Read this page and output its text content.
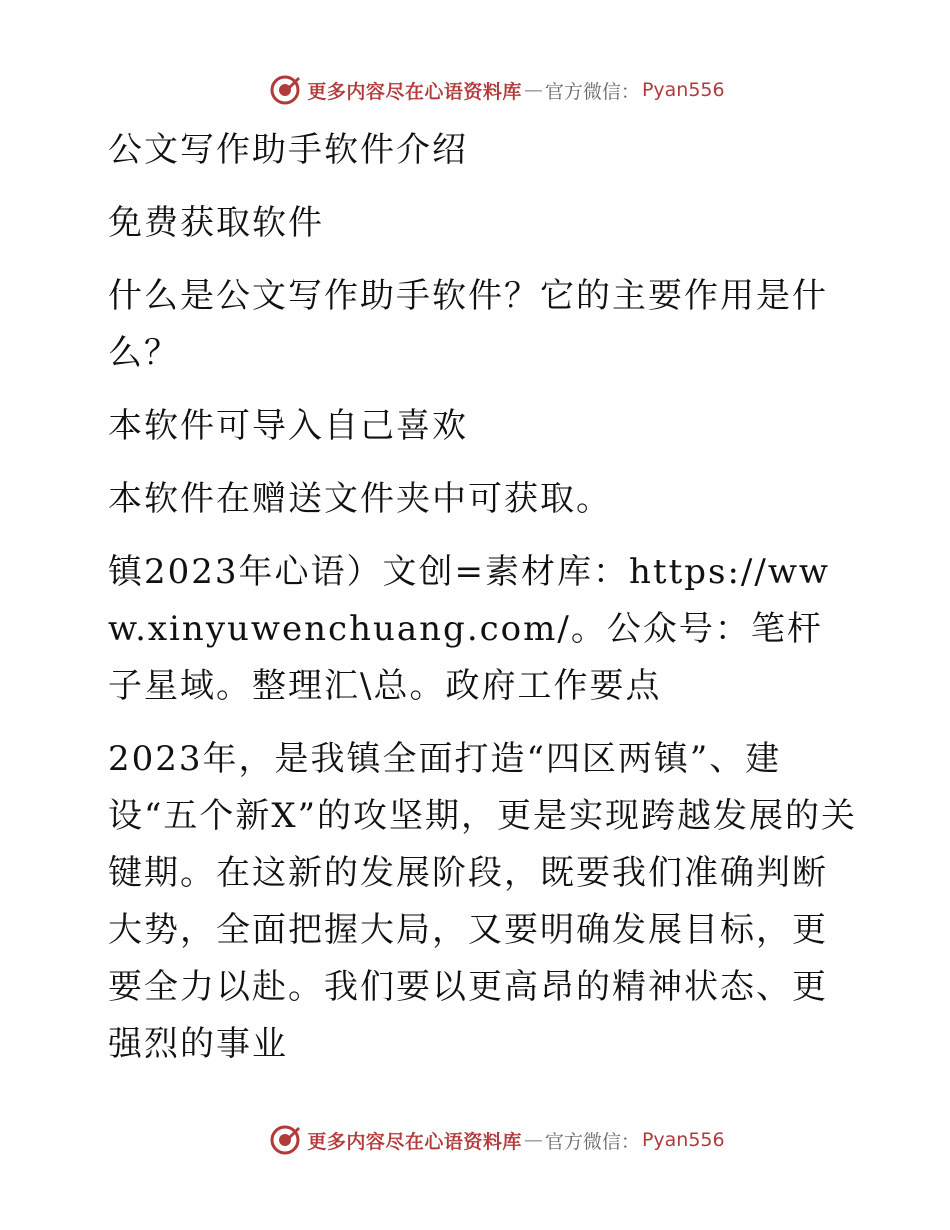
更多内容尽在心语资料库 — 官方微信： Pyan556

公文写作助手软件介绍

免费获取软件

什么是公文写作助手软件？它的主要作用是什么？

本软件可导入自己喜欢

本软件在赠送文件夹中可获取。

镇2023年心语）文创=素材库：https://www.xinyuwenchuang.com/。公众号：笔杆子星域。整理汇\总。政府工作要点

2023年，是我镇全面打造“四区两镇”、建设“五个新X”的攻坚期，更是实现跨越发展的关键期。在这新的发展阶段，既要我们准确判断大势，全面把握大局，又要明确发展目标，更要全力以赴。我们要以更高昂的精神状态、更强烈的事业

更多内容尽在心语资料库 — 官方微信： Pyan556
